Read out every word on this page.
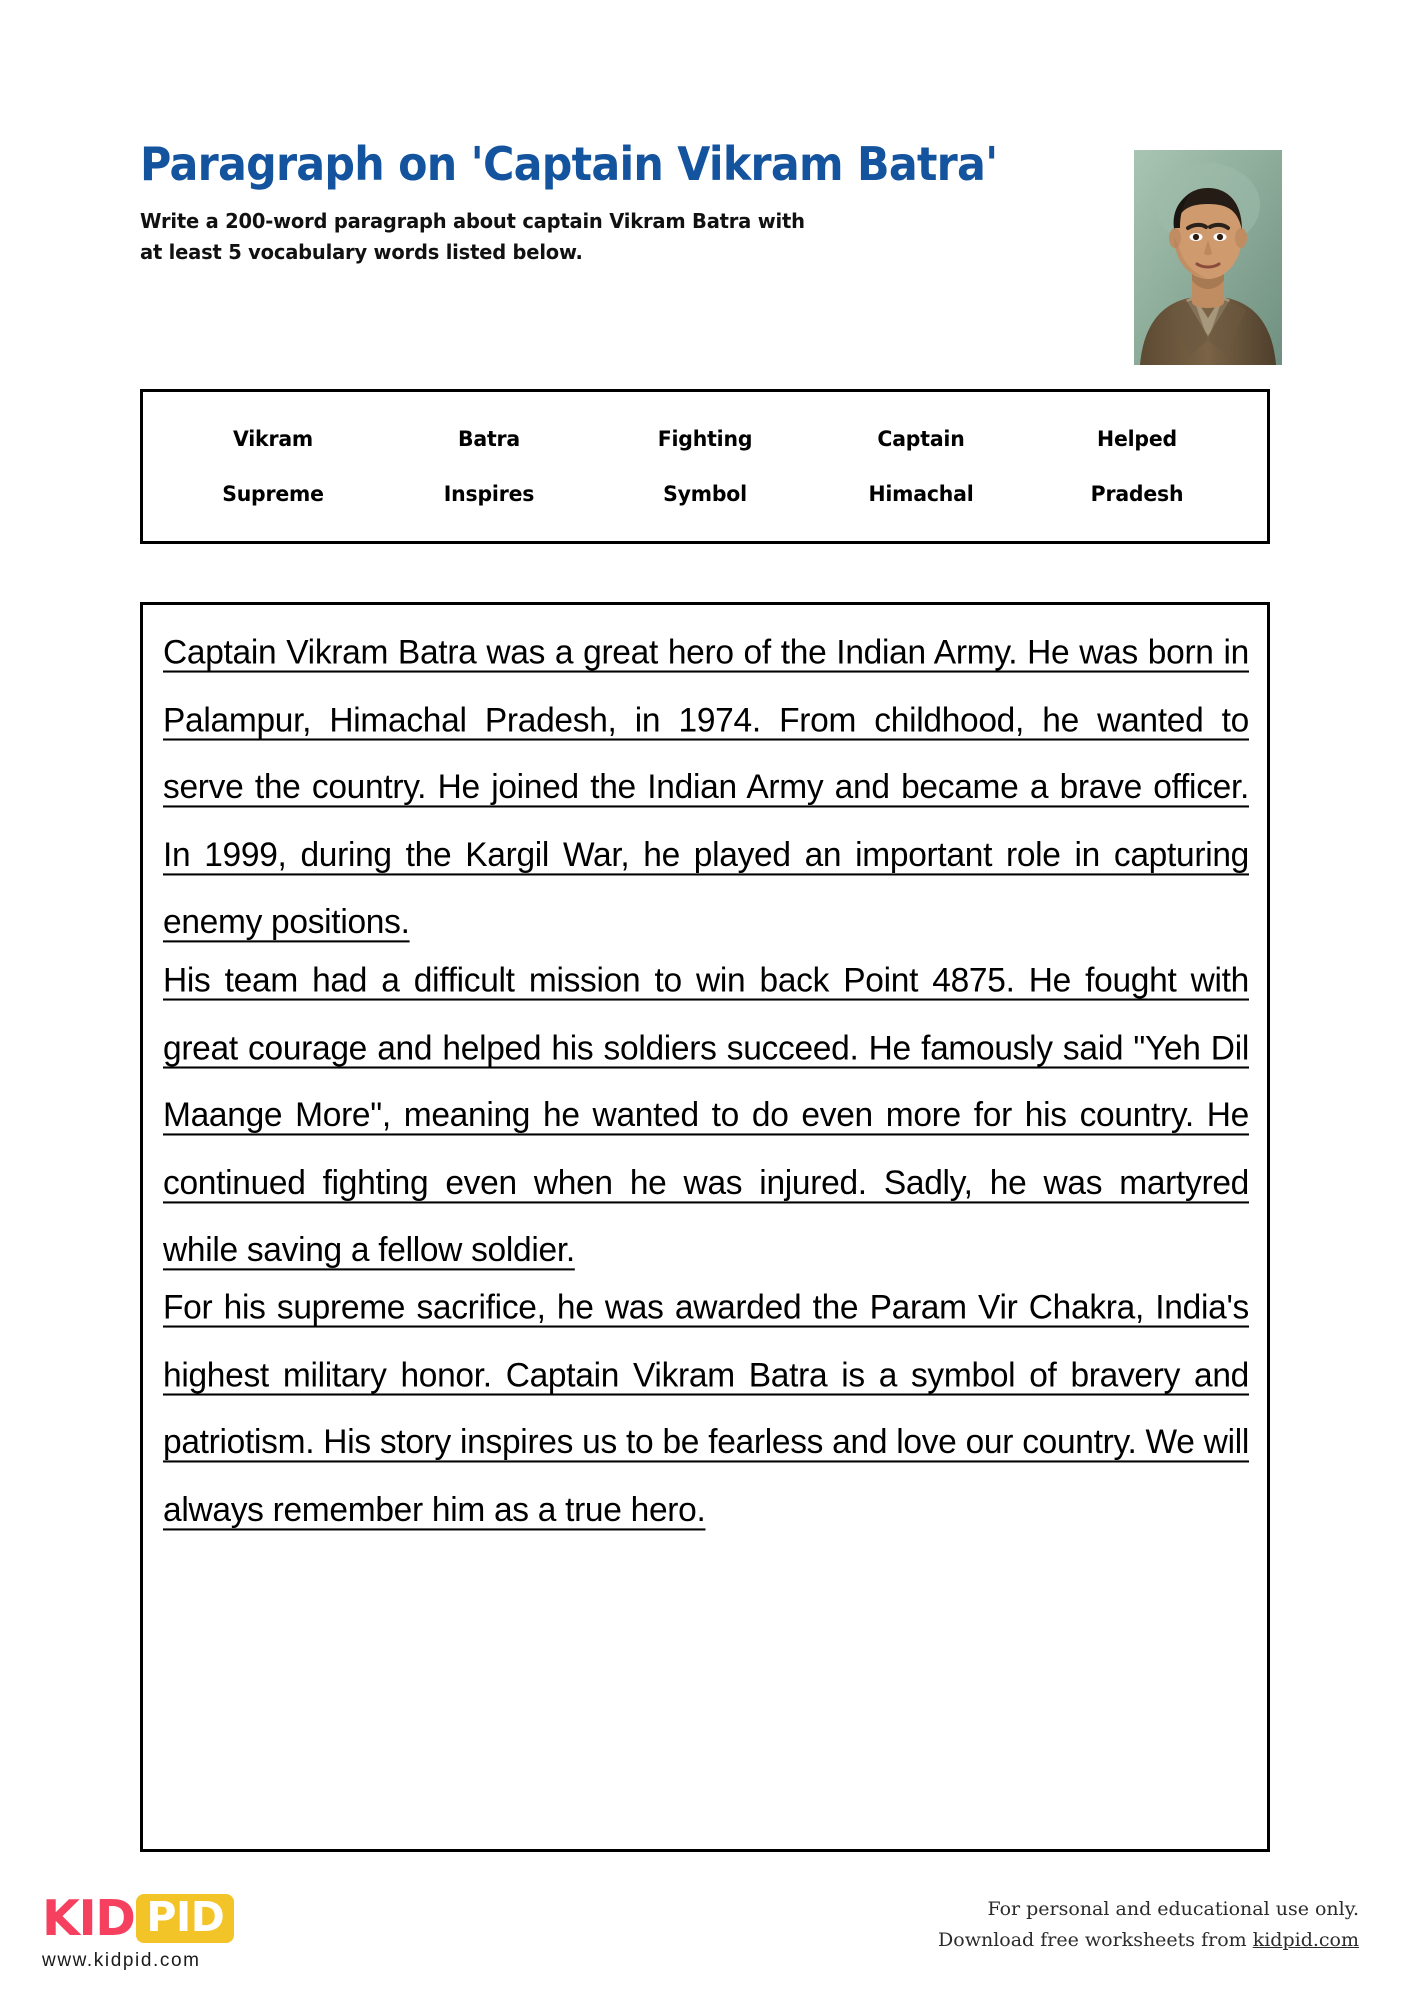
Paragraph on 'Captain Vikram Batra'
Write a 200-word paragraph about captain Vikram Batra with
at least 5 vocabulary words listed below.
Vikram	Batra	Fighting	Captain	Helped
Supreme	Inspires	Symbol	Himachal	Pradesh
Captain Vikram Batra was a great hero of the Indian Army. He was born in Palampur, Himachal Pradesh, in 1974. From childhood, he wanted to serve the country. He joined the Indian Army and became a brave officer. In 1999, during the Kargil War, he played an important role in capturing enemy positions.
His team had a difficult mission to win back Point 4875. He fought with great courage and helped his soldiers succeed. He famously said "Yeh Dil Maange More", meaning he wanted to do even more for his country. He continued fighting even when he was injured. Sadly, he was martyred while saving a fellow soldier.
For his supreme sacrifice, he was awarded the Param Vir Chakra, India's highest military honor. Captain Vikram Batra is a symbol of bravery and patriotism. His story inspires us to be fearless and love our country. We will always remember him as a true hero.
KID PID
www.kidpid.com
For personal and educational use only.
Download free worksheets from kidpid.com
